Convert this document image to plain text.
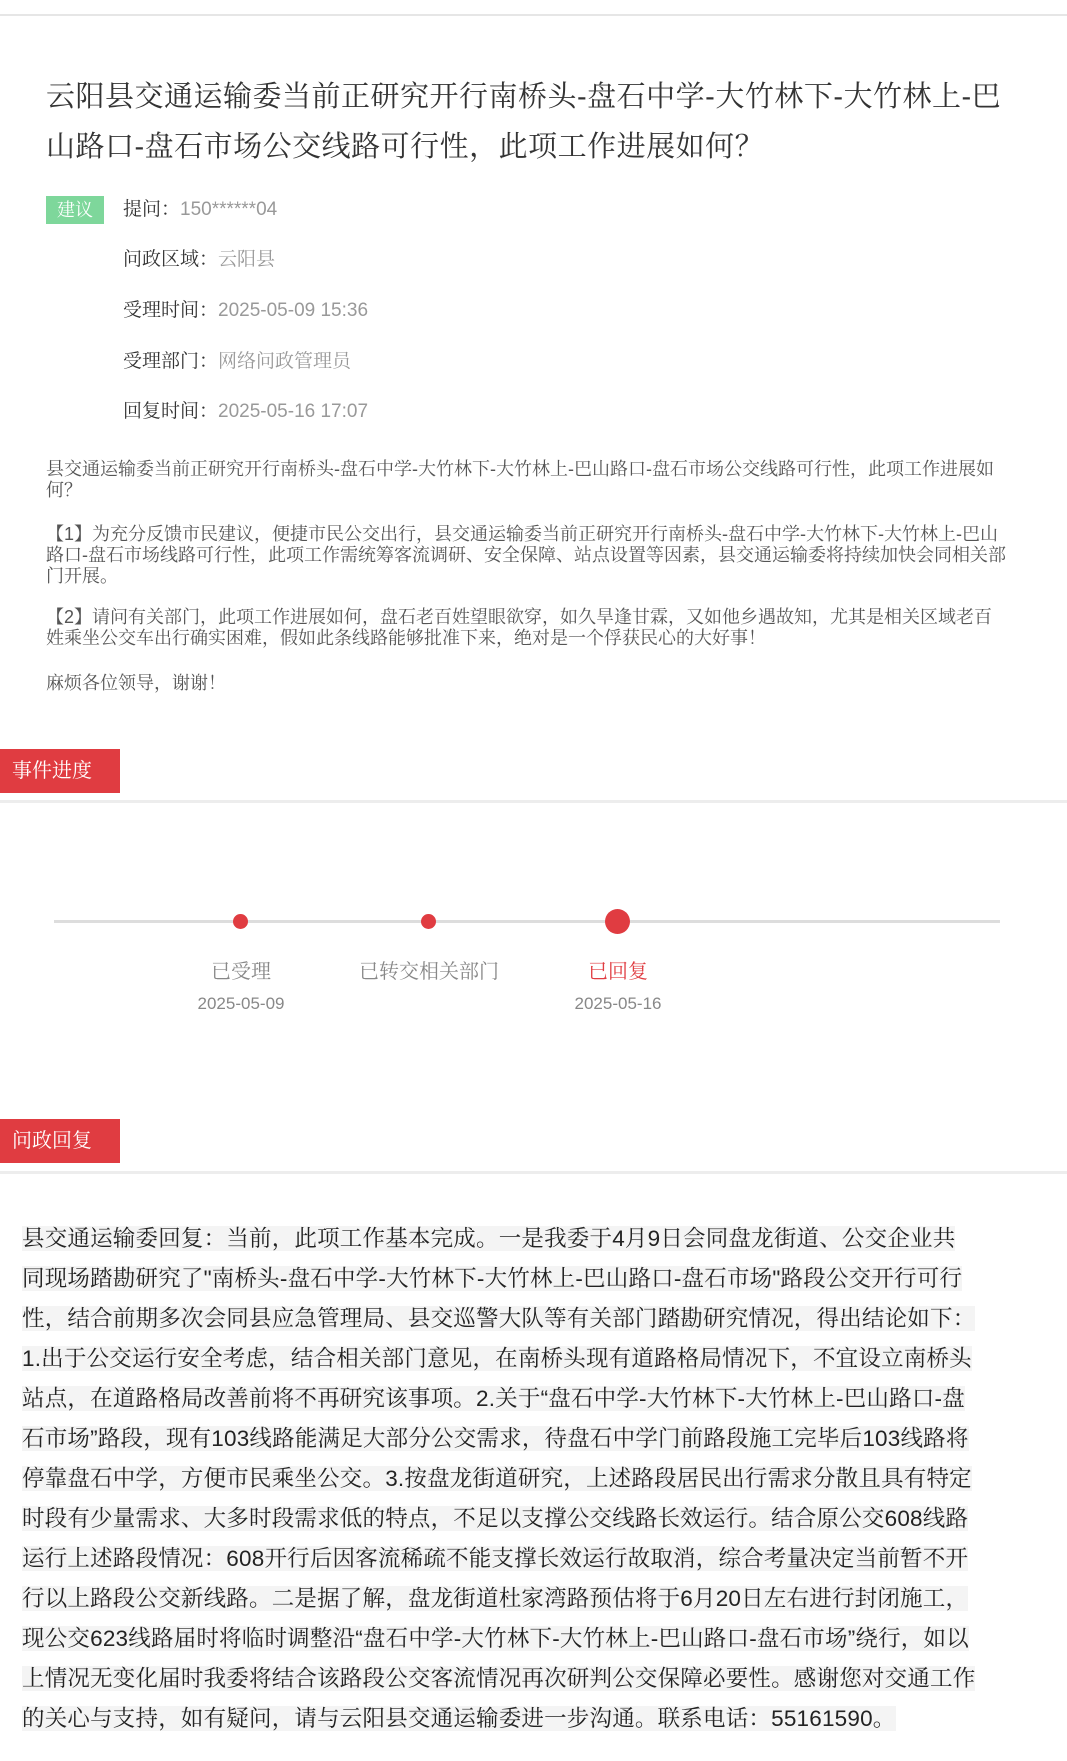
云阳县交通运输委当前正研究开行南桥头-盘石中学-大竹林下-大竹林上-巴山路口-盘石市场公交线路可行性，此项工作进展如何？
建议	提问：150******04
问政区域：云阳县
受理时间：2025-05-09 15:36
受理部门：网络问政管理员
回复时间：2025-05-16 17:07
县交通运输委当前正研究开行南桥头-盘石中学-大竹林下-大竹林上-巴山路口-盘石市场公交线路可行性，此项工作进展如何？
【1】为充分反馈市民建议，便捷市民公交出行，县交通运输委当前正研究开行南桥头-盘石中学-大竹林下-大竹林上-巴山路口-盘石市场线路可行性，此项工作需统筹客流调研、安全保障、站点设置等因素，县交通运输委将持续加快会同相关部门开展。
【2】请问有关部门，此项工作进展如何，盘石老百姓望眼欲穿，如久旱逢甘霖，又如他乡遇故知，尤其是相关区域老百姓乘坐公交车出行确实困难，假如此条线路能够批准下来，绝对是一个俘获民心的大好事！
麻烦各位领导，谢谢！
事件进度
已受理
2025-05-09
已转交相关部门	已回复
2025-05-16
问政回复
县交通运输委回复：当前，此项工作基本完成。一是我委于4月9日会同盘龙街道、公交企业共
同现场踏勘研究了"南桥头-盘石中学-大竹林下-大竹林上-巴山路口-盘石市场"路段公交开行可行
性，结合前期多次会同县应急管理局、县交巡警大队等有关部门踏勘研究情况，得出结论如下：
1.出于公交运行安全考虑，结合相关部门意见，在南桥头现有道路格局情况下，不宜设立南桥头
站点，在道路格局改善前将不再研究该事项。2.关于“盘石中学-大竹林下-大竹林上-巴山路口-盘
石市场”路段，现有103线路能满足大部分公交需求，待盘石中学门前路段施工完毕后103线路将
停靠盘石中学，方便市民乘坐公交。3.按盘龙街道研究，上述路段居民出行需求分散且具有特定
时段有少量需求、大多时段需求低的特点，不足以支撑公交线路长效运行。结合原公交608线路
运行上述路段情况：608开行后因客流稀疏不能支撑长效运行故取消，综合考量决定当前暂不开
行以上路段公交新线路。二是据了解，盘龙街道杜家湾路预估将于6月20日左右进行封闭施工，
现公交623线路届时将临时调整沿“盘石中学-大竹林下-大竹林上-巴山路口-盘石市场”绕行，如以
上情况无变化届时我委将结合该路段公交客流情况再次研判公交保障必要性。感谢您对交通工作
的关心与支持，如有疑问，请与云阳县交通运输委进一步沟通。联系电话：55161590。
